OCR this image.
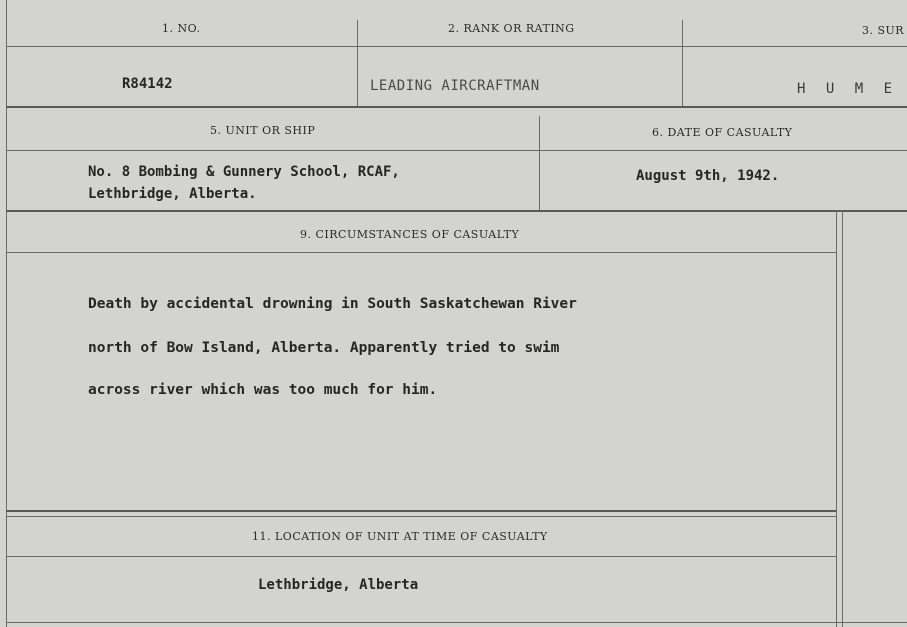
1. NO.
R84142
2. RANK OR RATING
LEADING AIRCRAFTMAN
3. SUR
H U M E
5. UNIT OR SHIP
No. 8 Bombing & Gunnery School, RCAF,
Lethbridge, Alberta.
6. DATE OF CASUALTY
August 9th, 1942.
9. CIRCUMSTANCES OF CASUALTY
Death by accidental drowning in South Saskatchewan River
north of Bow Island, Alberta. Apparently tried to swim
across river which was too much for him.
11. LOCATION OF UNIT AT TIME OF CASUALTY
Lethbridge, Alberta
